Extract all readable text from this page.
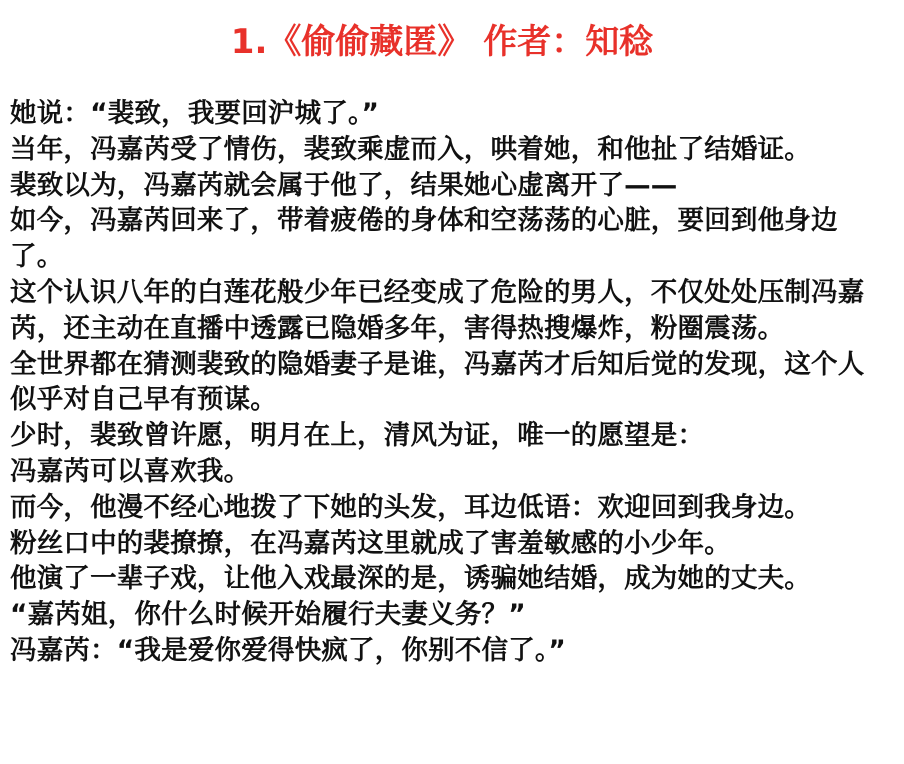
1.《偷偷藏匿》 作者：知稔
她说：“裴致，我要回沪城了。”
当年，冯嘉芮受了情伤，裴致乘虚而入，哄着她，和他扯了结婚证。
裴致以为，冯嘉芮就会属于他了，结果她心虚离开了——
如今，冯嘉芮回来了，带着疲倦的身体和空荡荡的心脏，要回到他身边
了。
这个认识八年的白莲花般少年已经变成了危险的男人，不仅处处压制冯嘉
芮，还主动在直播中透露已隐婚多年，害得热搜爆炸，粉圈震荡。
全世界都在猜测裴致的隐婚妻子是谁，冯嘉芮才后知后觉的发现，这个人
似乎对自己早有预谋。
少时，裴致曾许愿，明月在上，清风为证，唯一的愿望是：
冯嘉芮可以喜欢我。
而今，他漫不经心地拨了下她的头发，耳边低语：欢迎回到我身边。
粉丝口中的裴撩撩，在冯嘉芮这里就成了害羞敏感的小少年。
他演了一辈子戏，让他入戏最深的是，诱骗她结婚，成为她的丈夫。
“嘉芮姐，你什么时候开始履行夫妻义务？”
冯嘉芮：“我是爱你爱得快疯了，你别不信了。”
